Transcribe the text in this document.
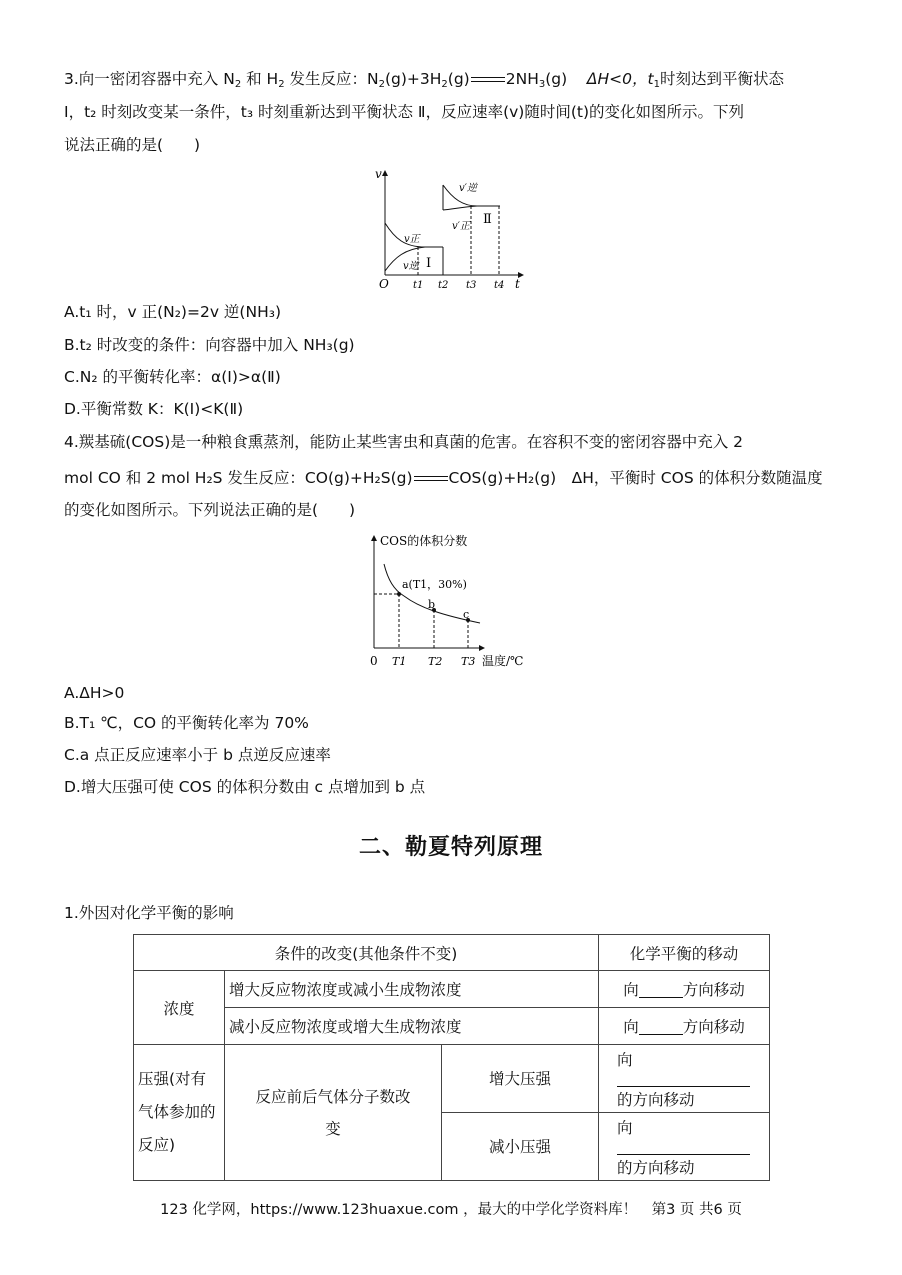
3.向一密闭容器中充入 $N_2$ 和 $H_2$ 发生反应：$N_2(g)+3H_2(g)$ $2NH_3(g)$ ΔH<0，$t_1$时刻达到平衡状态
Ⅰ，t₂ 时刻改变某一条件，t₃ 时刻重新达到平衡状态 Ⅱ，反应速率(v)随时间(t)的变化如图所示。下列
说法正确的是(　　)
v
t
O
v正
v逆
v′逆
v′正
Ⅰ
Ⅱ
t1 t2 t3 t4
A.t₁ 时，v 正(N₂)=2v 逆(NH₃)
B.t₂ 时改变的条件：向容器中加入 NH₃(g)
C.N₂ 的平衡转化率：α(Ⅰ)>α(Ⅱ)
D.平衡常数 K：K(Ⅰ)<K(Ⅱ)
4.羰基硫(COS)是一种粮食熏蒸剂，能防止某些害虫和真菌的危害。在容积不变的密闭容器中充入 2
mol CO 和 2 mol H₂S 发生反应：CO(g)+H₂S(g) COS(g)+H₂(g)　ΔH，平衡时 COS 的体积分数随温度
的变化如图所示。下列说法正确的是(　　)
COS的体积分数
温度/℃
0
a(T1，30%)
b
c
T1 T2 T3
A.ΔH>0
B.T₁ ℃，CO 的平衡转化率为 70%
C.a 点正反应速率小于 b 点逆反应速率
D.增大压强可使 COS 的体积分数由 c 点增加到 b 点
二、勒夏特列原理
1.外因对化学平衡的影响
条件的改变(其他条件不变)			化学平衡的移动
浓度	增大反应物浓度或减小生成物浓度		向 方向移动
	减小反应物浓度或增大生成物浓度		向 方向移动
压强(对有气体参加的反应)	反应前后气体分子数改变	增大压强	向的方向移动
		减小压强	向的方向移动
123 化学网，https://www.123huaxue.com ，最大的中学化学资料库！　第3 页 共6 页
